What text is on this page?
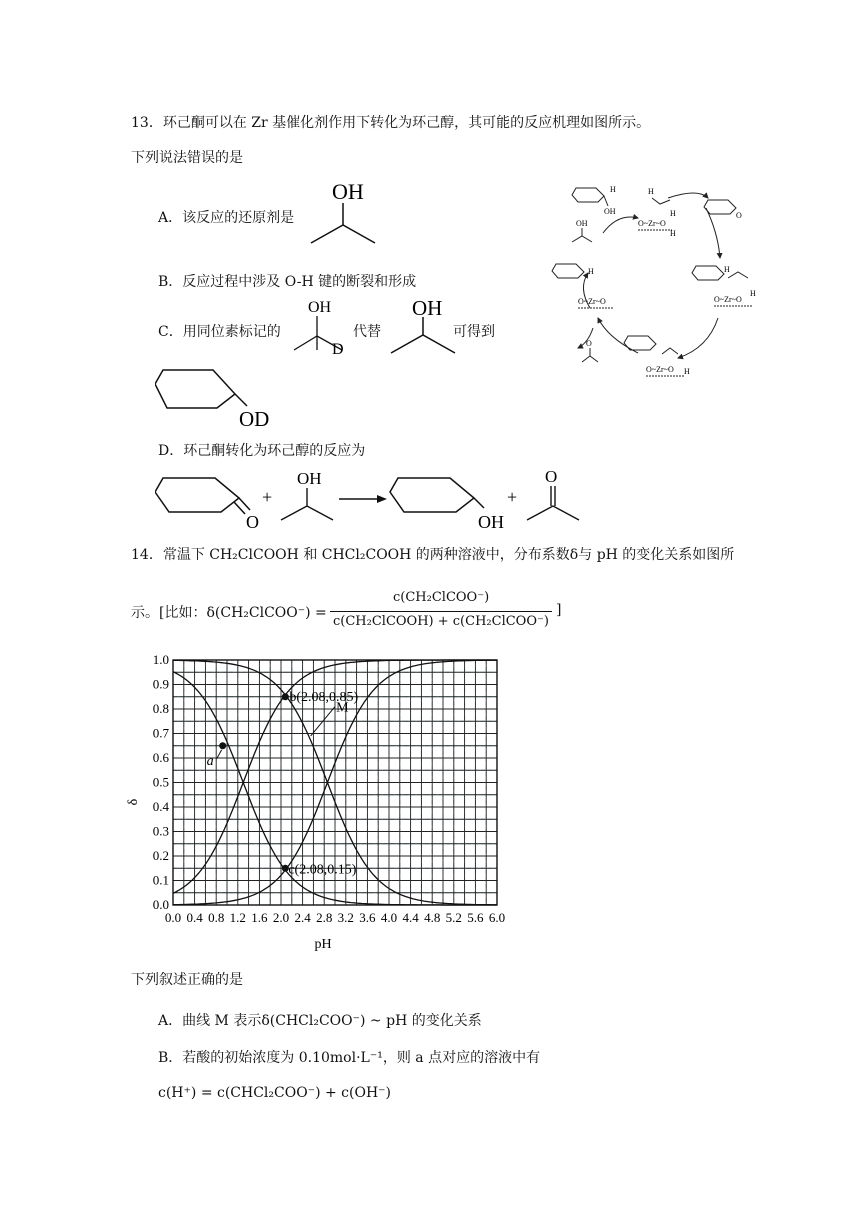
13．环己酮可以在 Zr 基催化剂作用下转化为环己醇，其可能的反应机理如图所示。
下列说法错误的是
A．该反应的还原剂是
OH
B．反应过程中涉及 O-H 键的断裂和形成
C．用同位素标记的
OH
D
代替
OH
可得到
OD
D．环己酮转化为环己醇的反应为
O
+
OH
OH
+
O
OH
H
OH
H
O~Zr~O
H
H
O
H
O~Zr~O
H
O~Zr~O H
O
H
O~Zr~O
14．常温下 CH₂ClCOOH 和 CHCl₂COOH 的两种溶液中，分布系数δ与 pH 的变化关系如图所
示。[比如：δ(CH₂ClCOO⁻) =
c(CH₂ClCOO⁻)
c(CH₂ClCOOH) + c(CH₂ClCOO⁻)
]
0.0 0.4 0.8 1.2 1.6 2.0 2.4 2.8 3.2 3.6 4.0 4.4 4.8 5.2 5.6 6.0
0.0
0.1
0.2
0.3
0.4
0.5
0.6
0.7
0.8
0.9
1.0
b(2.08,0.85)
c(2.08,0.15)
a
M
pH
δ
下列叙述正确的是
A．曲线 M 表示δ(CHCl₂COO⁻) ~ pH 的变化关系
B．若酸的初始浓度为 0.10mol·L⁻¹，则 a 点对应的溶液中有
c(H⁺) = c(CHCl₂COO⁻) + c(OH⁻)
